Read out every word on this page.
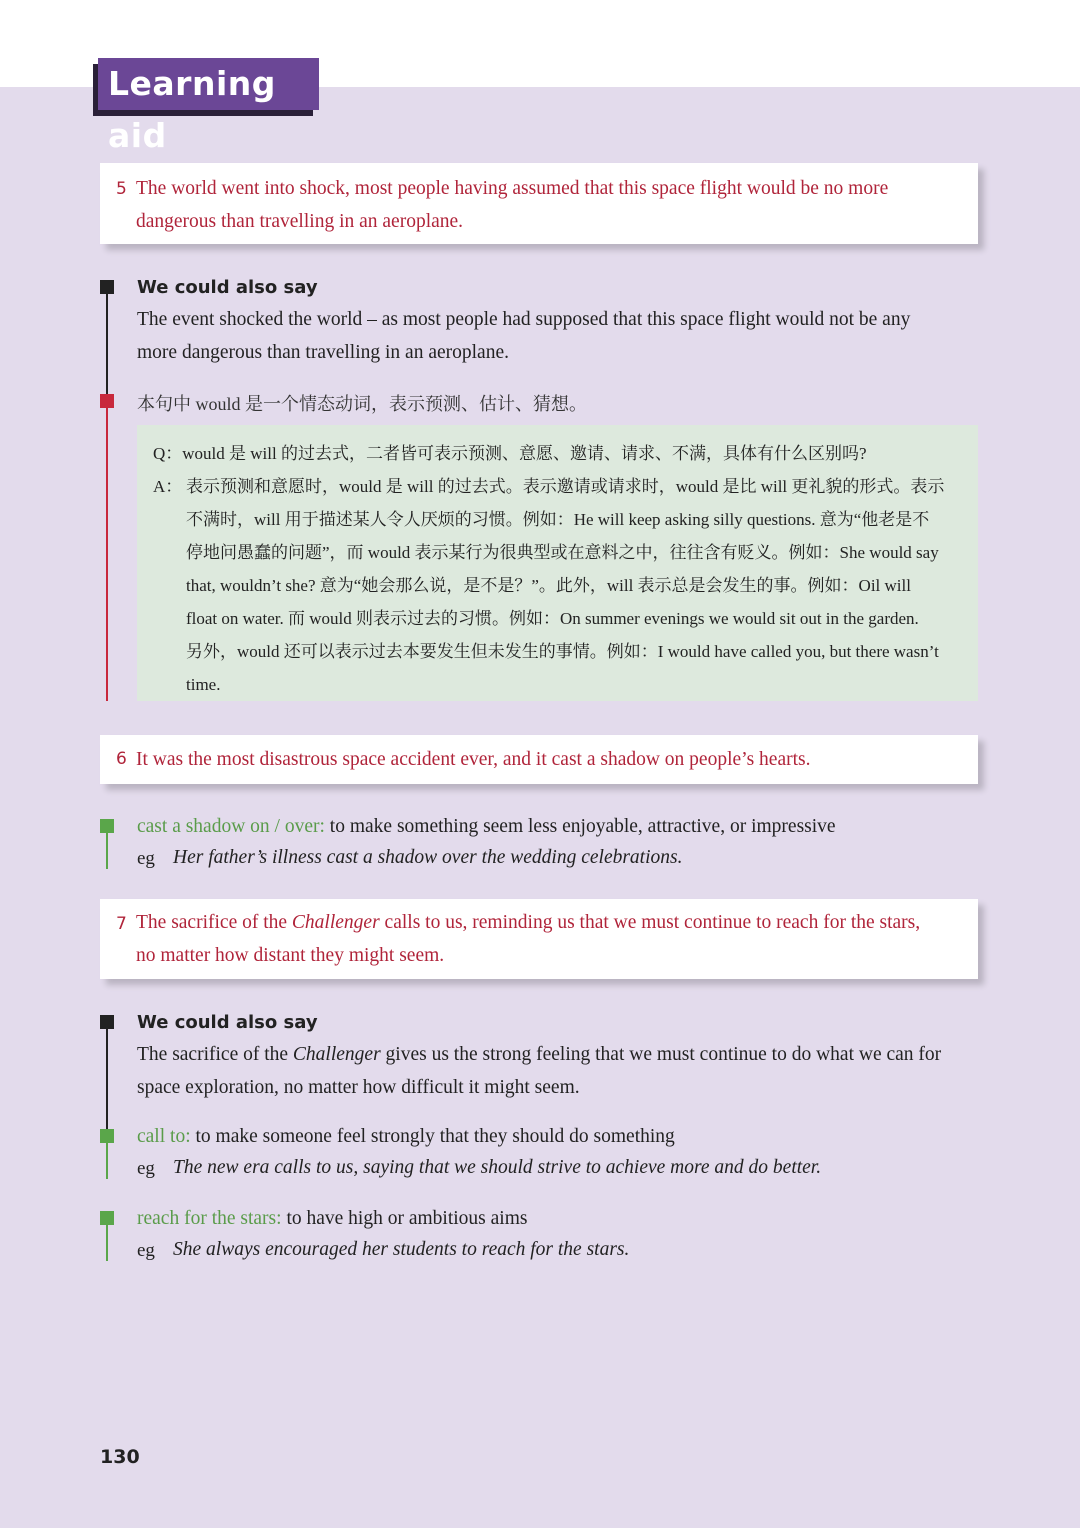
Learning aid
5 The world went into shock, most people having assumed that this space flight would be no more
dangerous than travelling in an aeroplane.
We could also say
The event shocked the world – as most people had supposed that this space flight would not be any
more dangerous than travelling in an aeroplane.
本句中 would 是一个情态动词，表示预测、估计、猜想。
Q：would 是 will 的过去式，二者皆可表示预测、意愿、邀请、请求、不满，具体有什么区别吗?
A： 表示预测和意愿时，would 是 will 的过去式。表示邀请或请求时，would 是比 will 更礼貌的形式。表示
不满时，will 用于描述某人令人厌烦的习惯。例如：He will keep asking silly questions. 意为“他老是不
停地问愚蠢的问题”，而 would 表示某行为很典型或在意料之中，往往含有贬义。例如：She would say
that, wouldn’t she? 意为“她会那么说，是不是？”。此外，will 表示总是会发生的事。例如：Oil will
float on water. 而 would 则表示过去的习惯。例如：On summer evenings we would sit out in the garden.
另外，would 还可以表示过去本要发生但未发生的事情。例如：I would have called you, but there wasn’t
time.
6 It was the most disastrous space accident ever, and it cast a shadow on people’s hearts.
cast a shadow on / over: to make something seem less enjoyable, attractive, or impressive
eg Her father’s illness cast a shadow over the wedding celebrations.
7 The sacrifice of the Challenger calls to us, reminding us that we must continue to reach for the stars,
no matter how distant they might seem.
We could also say
The sacrifice of the Challenger gives us the strong feeling that we must continue to do what we can for
space exploration, no matter how difficult it might seem.
call to: to make someone feel strongly that they should do something
eg The new era calls to us, saying that we should strive to achieve more and do better.
reach for the stars: to have high or ambitious aims
eg She always encouraged her students to reach for the stars.
130
